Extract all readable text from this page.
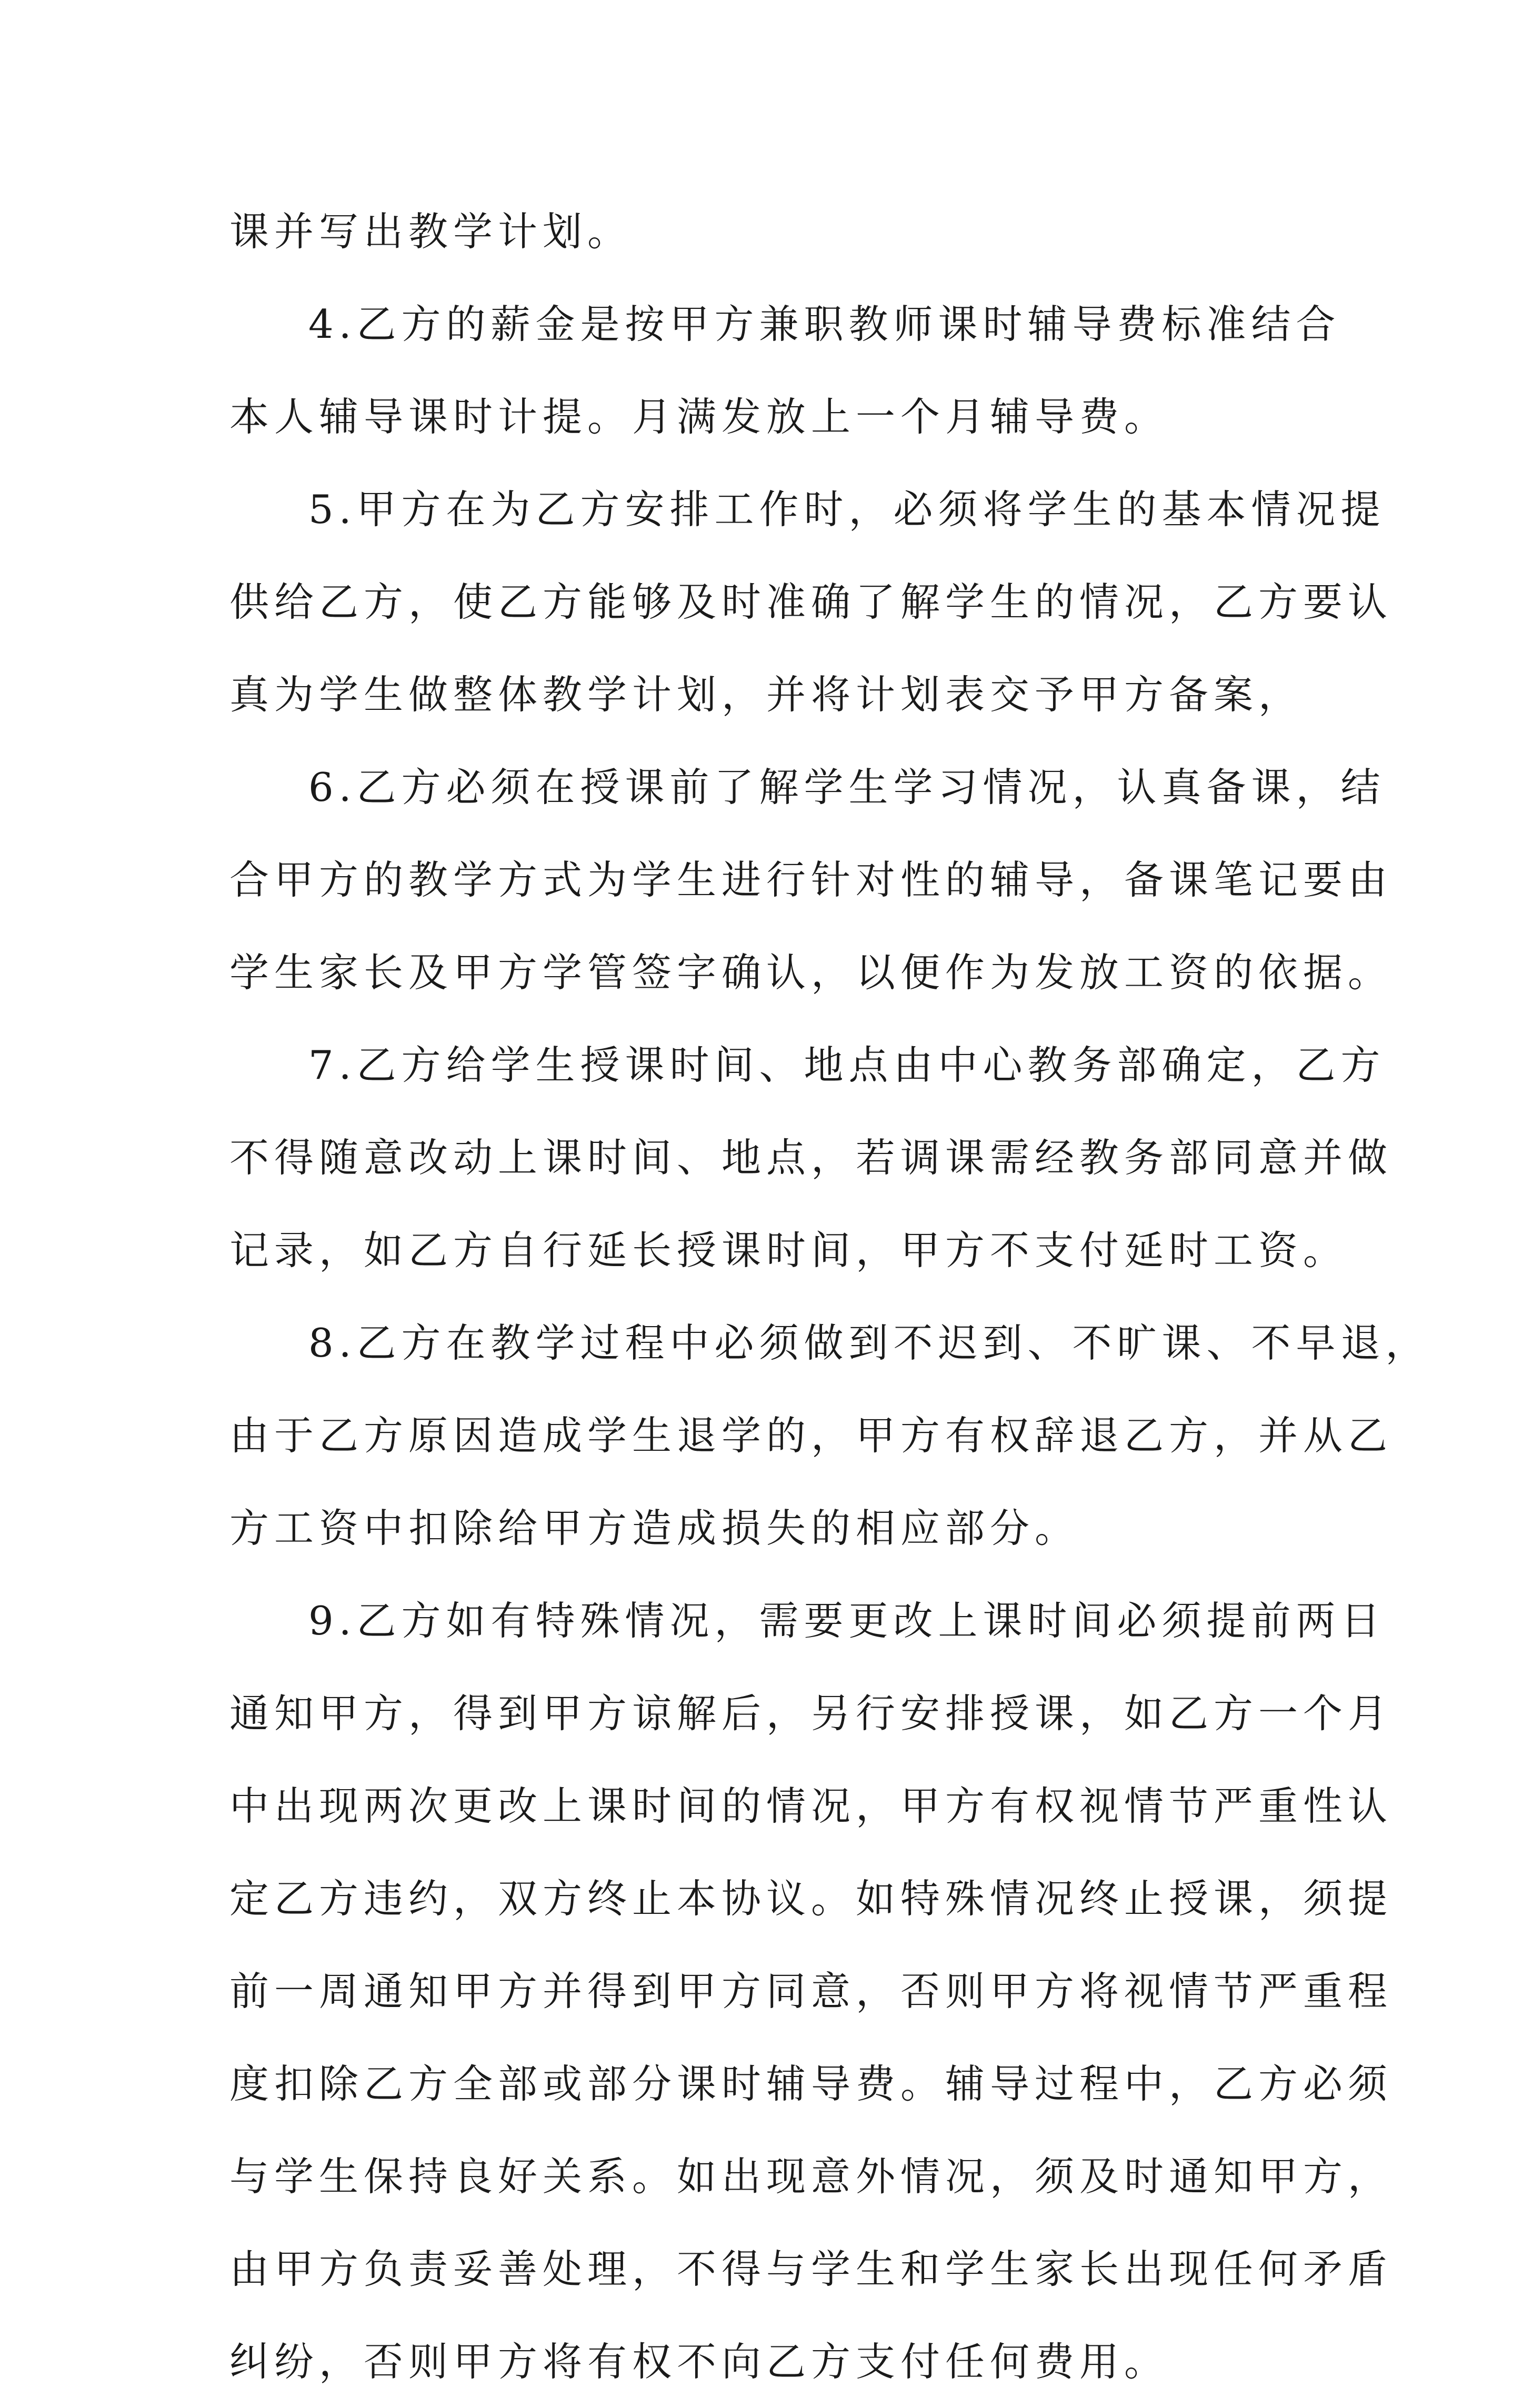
课并写出教学计划。
4.乙方的薪金是按甲方兼职教师课时辅导费标准结合
本人辅导课时计提。月满发放上一个月辅导费。
5.甲方在为乙方安排工作时，必须将学生的基本情况提
供给乙方，使乙方能够及时准确了解学生的情况，乙方要认
真为学生做整体教学计划，并将计划表交予甲方备案，
6.乙方必须在授课前了解学生学习情况，认真备课，结
合甲方的教学方式为学生进行针对性的辅导，备课笔记要由
学生家长及甲方学管签字确认，以便作为发放工资的依据。
7.乙方给学生授课时间、地点由中心教务部确定，乙方
不得随意改动上课时间、地点，若调课需经教务部同意并做
记录，如乙方自行延长授课时间，甲方不支付延时工资。
8.乙方在教学过程中必须做到不迟到、不旷课、不早退，
由于乙方原因造成学生退学的，甲方有权辞退乙方，并从乙
方工资中扣除给甲方造成损失的相应部分。
9.乙方如有特殊情况，需要更改上课时间必须提前两日
通知甲方，得到甲方谅解后，另行安排授课，如乙方一个月
中出现两次更改上课时间的情况，甲方有权视情节严重性认
定乙方违约，双方终止本协议。如特殊情况终止授课，须提
前一周通知甲方并得到甲方同意，否则甲方将视情节严重程
度扣除乙方全部或部分课时辅导费。辅导过程中，乙方必须
与学生保持良好关系。如出现意外情况，须及时通知甲方，
由甲方负责妥善处理，不得与学生和学生家长出现任何矛盾
纠纷，否则甲方将有权不向乙方支付任何费用。
